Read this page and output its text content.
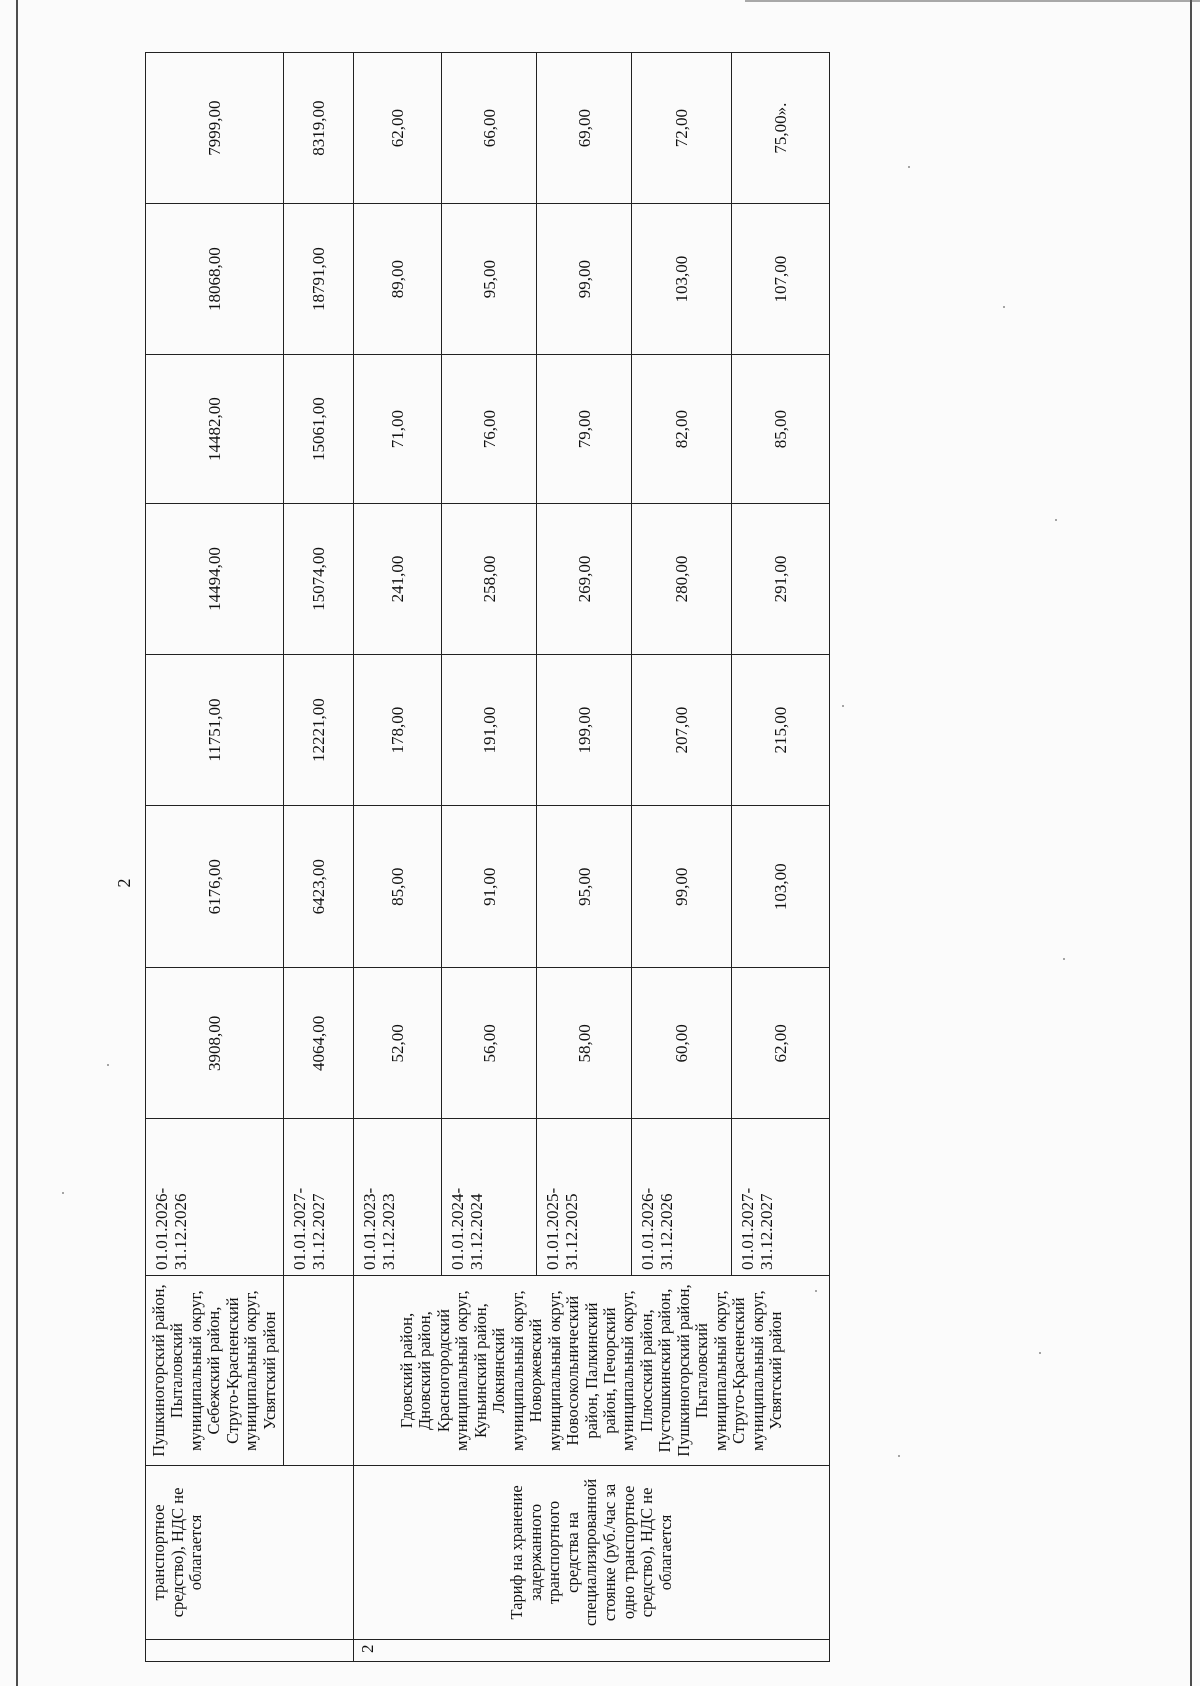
2
	транспортное средство), НДС не облагается	Пушкиногорский район, Пыталовский муниципальный округ, Себежский район, Струго-Красненский муниципальный округ, Усвятский район	01.01.2026-31.12.2026	3908,00	6176,00	11751,00	14494,00	14482,00	18068,00	7999,00
			01.01.2027-31.12.2027	4064,00	6423,00	12221,00	15074,00	15061,00	18791,00	8319,00
2	Тариф на хранение задержанного транспортного средства на специализированной стоянке (руб./час за одно транспортное средство), НДС не облагается	Гдовский район, Дновский район, Красногородский муниципальный округ, Куньинский район, Локнянский муниципальный округ, Новоржевский муниципальный округ, Новосокольнический район, Палкинский район, Печорский муниципальный округ, Плюсский район, Пустошкинский район, Пушкиногорский район, Пыталовский муниципальный округ, Струго-Красненский муниципальный округ, Усвятский район	01.01.2023-31.12.2023	52,00	85,00	178,00	241,00	71,00	89,00	62,00
			01.01.2024-31.12.2024	56,00	91,00	191,00	258,00	76,00	95,00	66,00
			01.01.2025-31.12.2025	58,00	95,00	199,00	269,00	79,00	99,00	69,00
			01.01.2026-31.12.2026	60,00	99,00	207,00	280,00	82,00	103,00	72,00
			01.01.2027-31.12.2027	62,00	103,00	215,00	291,00	85,00	107,00	75,00».
